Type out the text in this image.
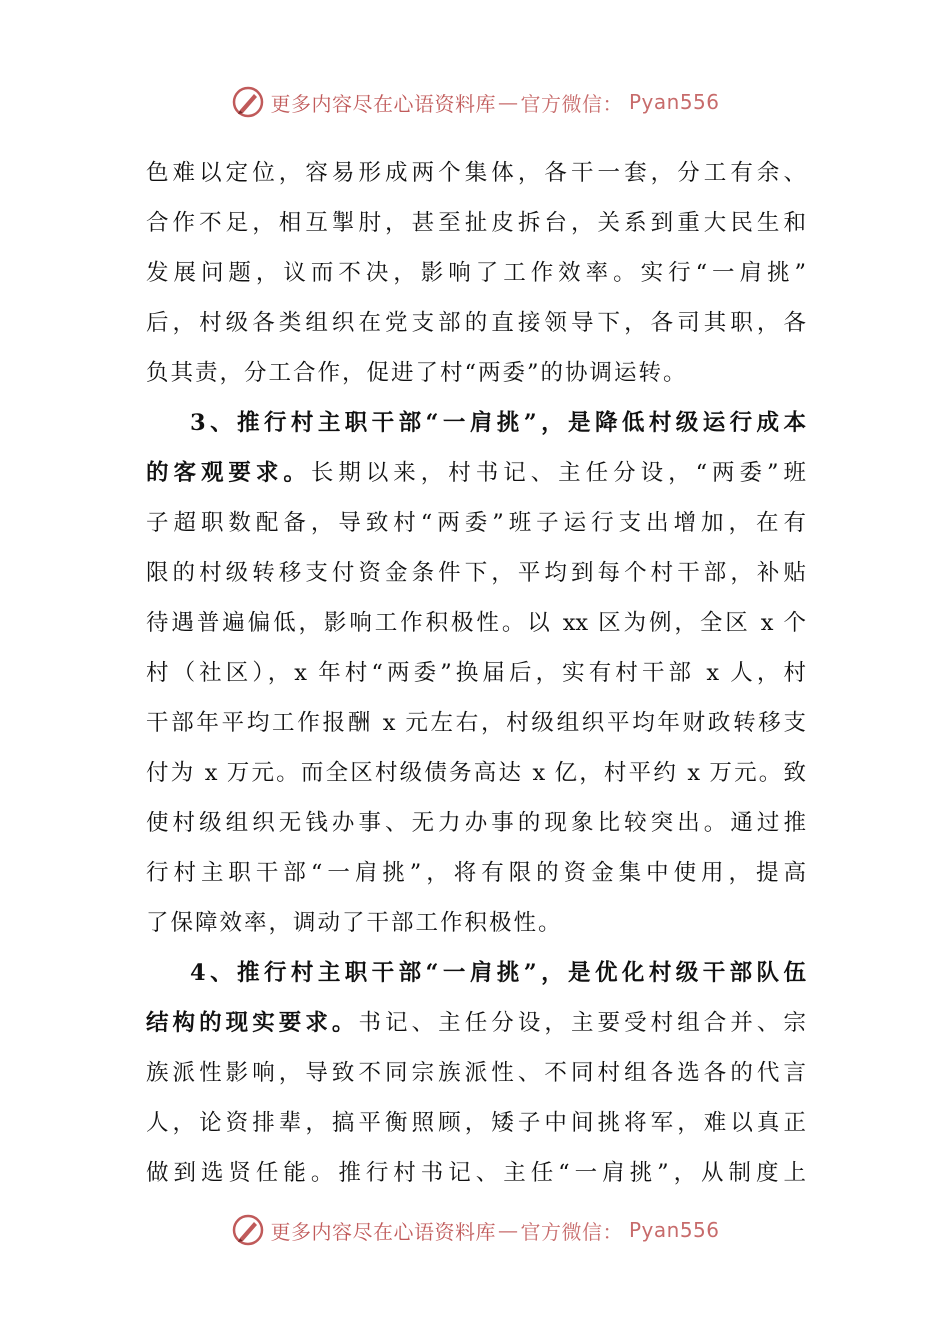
更多内容尽在心语资料库 — 官方微信： Pyan556
色难以定位，容易形成两个集体，各干一套，分工有余、
合作不足，相互掣肘，甚至扯皮拆台，关系到重大民生和
发展问题，议而不决，影响了工作效率。实行“一肩挑”
后，村级各类组织在党支部的直接领导下，各司其职，各
负其责，分工合作，促进了村“两委”的协调运转。
3、推行村主职干部“一肩挑”，是降低村级运行成本
的客观要求。长期以来，村书记、主任分设，“两委”班
子超职数配备，导致村“两委”班子运行支出增加，在有
限的村级转移支付资金条件下，平均到每个村干部，补贴
待遇普遍偏低，影响工作积极性。以 xx 区为例，全区 x 个
村（社区），x 年村“两委”换届后，实有村干部 x 人，村
干部年平均工作报酬 x 元左右，村级组织平均年财政转移支
付为 x 万元。而全区村级债务高达 x 亿，村平约 x 万元。致
使村级组织无钱办事、无力办事的现象比较突出。通过推
行村主职干部“一肩挑”，将有限的资金集中使用，提高
了保障效率，调动了干部工作积极性。
4、推行村主职干部“一肩挑”，是优化村级干部队伍
结构的现实要求。书记、主任分设，主要受村组合并、宗
族派性影响，导致不同宗族派性、不同村组各选各的代言
人，论资排辈，搞平衡照顾，矮子中间挑将军，难以真正
做到选贤任能。推行村书记、主任“一肩挑”，从制度上
更多内容尽在心语资料库 — 官方微信： Pyan556
